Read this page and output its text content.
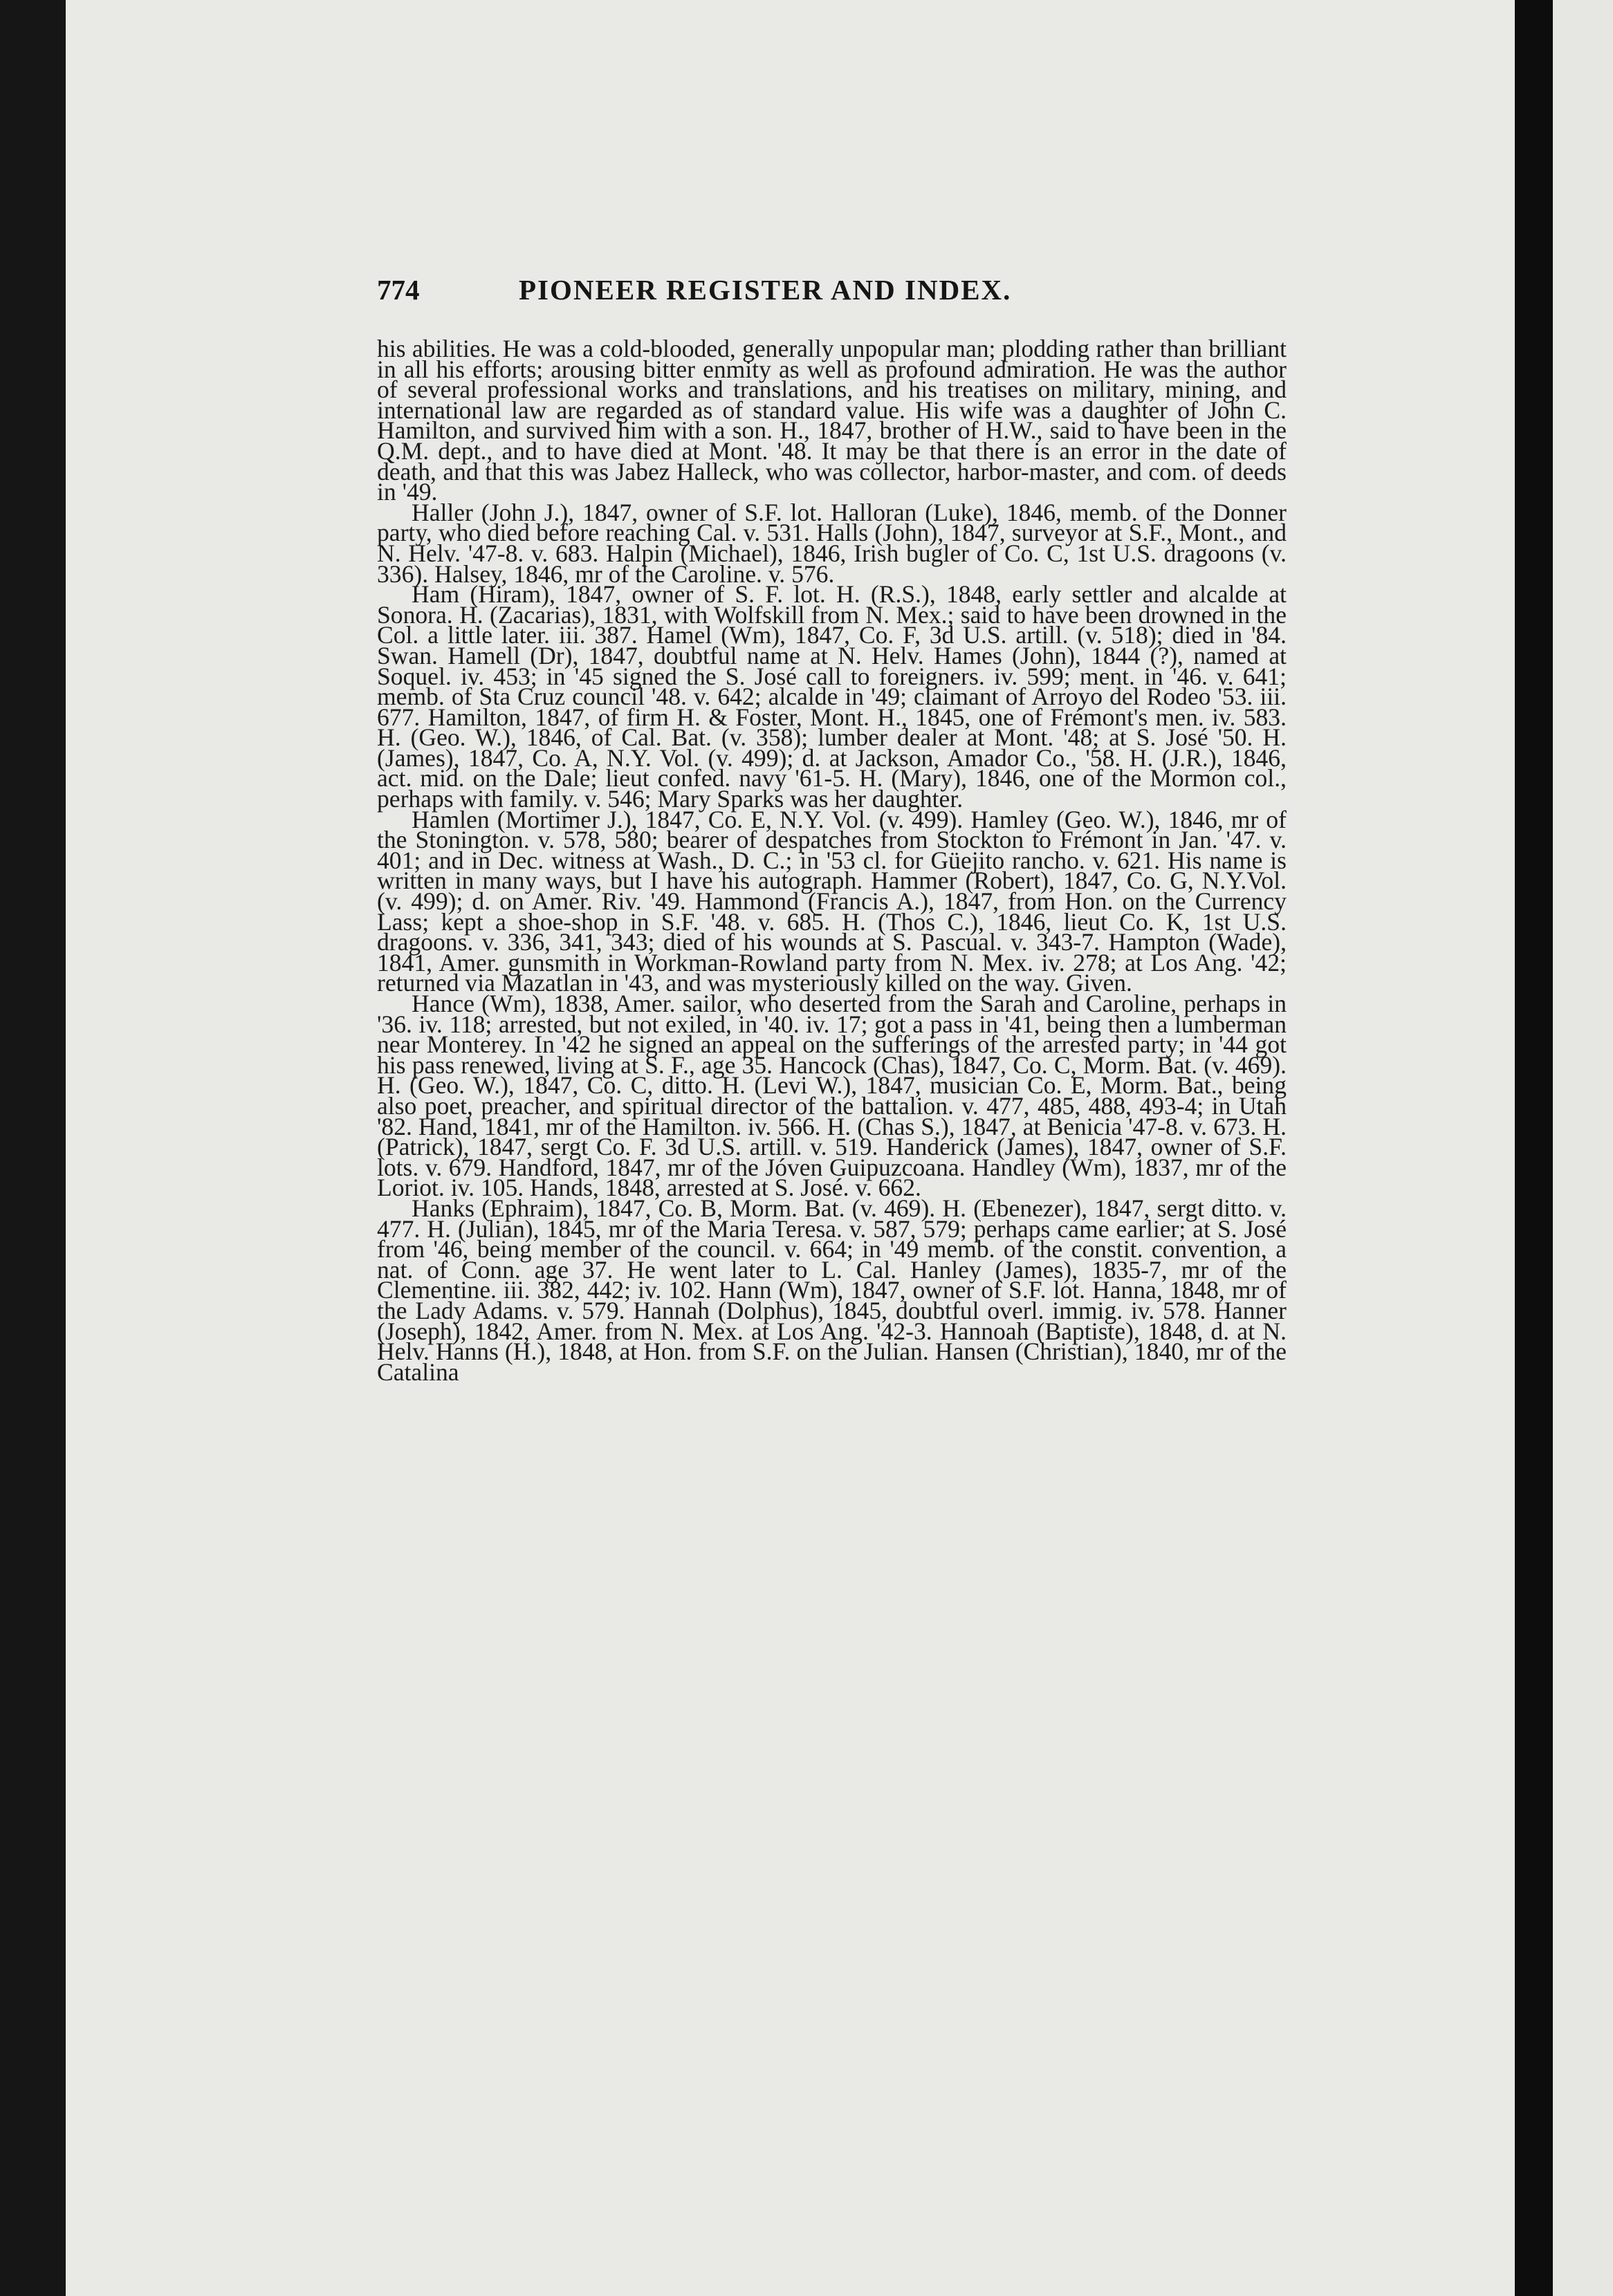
774	PIONEER REGISTER AND INDEX.

his abilities. He was a cold-blooded, generally unpopular man; plodding rather than brilliant in all his efforts; arousing bitter enmity as well as profound admiration. He was the author of several professional works and translations, and his treatises on military, mining, and international law are regarded as of standard value. His wife was a daughter of John C. Hamilton, and survived him with a son. H., 1847, brother of H.W., said to have been in the Q.M. dept., and to have died at Mont. '48. It may be that there is an error in the date of death, and that this was Jabez Halleck, who was collector, harbor-master, and com. of deeds in '49.

Haller (John J.), 1847, owner of S.F. lot. Halloran (Luke), 1846, memb. of the Donner party, who died before reaching Cal. v. 531. Halls (John), 1847, surveyor at S.F., Mont., and N. Helv. '47-8. v. 683. Halpin (Michael), 1846, Irish bugler of Co. C, 1st U.S. dragoons (v. 336). Halsey, 1846, mr of the Caroline. v. 576.

Ham (Hiram), 1847, owner of S. F. lot. H. (R.S.), 1848, early settler and alcalde at Sonora. H. (Zacarias), 1831, with Wolfskill from N. Mex.; said to have been drowned in the Col. a little later. iii. 387. Hamel (Wm), 1847, Co. F, 3d U.S. artill. (v. 518); died in '84. Swan. Hamell (Dr), 1847, doubtful name at N. Helv. Hames (John), 1844 (?), named at Soquel. iv. 453; in '45 signed the S. José call to foreigners. iv. 599; ment. in '46. v. 641; memb. of Sta Cruz council '48. v. 642; alcalde in '49; claimant of Arroyo del Rodeo '53. iii. 677. Hamilton, 1847, of firm H. & Foster, Mont. H., 1845, one of Frémont's men. iv. 583. H. (Geo. W.), 1846, of Cal. Bat. (v. 358); lumber dealer at Mont. '48; at S. José '50. H. (James), 1847, Co. A, N.Y. Vol. (v. 499); d. at Jackson, Amador Co., '58. H. (J.R.), 1846, act. mid. on the Dale; lieut confed. navy '61-5. H. (Mary), 1846, one of the Mormon col., perhaps with family. v. 546; Mary Sparks was her daughter.

Hamlen (Mortimer J.), 1847, Co. E, N.Y. Vol. (v. 499). Hamley (Geo. W.), 1846, mr of the Stonington. v. 578, 580; bearer of despatches from Stockton to Frémont in Jan. '47. v. 401; and in Dec. witness at Wash., D. C.; in '53 cl. for Güejito rancho. v. 621. His name is written in many ways, but I have his autograph. Hammer (Robert), 1847, Co. G, N.Y.Vol. (v. 499); d. on Amer. Riv. '49. Hammond (Francis A.), 1847, from Hon. on the Currency Lass; kept a shoe-shop in S.F. '48. v. 685. H. (Thos C.), 1846, lieut Co. K, 1st U.S. dragoons. v. 336, 341, 343; died of his wounds at S. Pascual. v. 343-7. Hampton (Wade), 1841, Amer. gunsmith in Workman-Rowland party from N. Mex. iv. 278; at Los Ang. '42; returned via Mazatlan in '43, and was mysteriously killed on the way. Given.

Hance (Wm), 1838, Amer. sailor, who deserted from the Sarah and Caroline, perhaps in '36. iv. 118; arrested, but not exiled, in '40. iv. 17; got a pass in '41, being then a lumberman near Monterey. In '42 he signed an appeal on the sufferings of the arrested party; in '44 got his pass renewed, living at S. F., age 35. Hancock (Chas), 1847, Co. C, Morm. Bat. (v. 469). H. (Geo. W.), 1847, Co. C, ditto. H. (Levi W.), 1847, musician Co. E, Morm. Bat., being also poet, preacher, and spiritual director of the battalion. v. 477, 485, 488, 493-4; in Utah '82. Hand, 1841, mr of the Hamilton. iv. 566. H. (Chas S.), 1847, at Benicia '47-8. v. 673. H. (Patrick), 1847, sergt Co. F. 3d U.S. artill. v. 519. Handerick (James), 1847, owner of S.F. lots. v. 679. Handford, 1847, mr of the Jóven Guipuzcoana. Handley (Wm), 1837, mr of the Loriot. iv. 105. Hands, 1848, arrested at S. José. v. 662.

Hanks (Ephraim), 1847, Co. B, Morm. Bat. (v. 469). H. (Ebenezer), 1847, sergt ditto. v. 477. H. (Julian), 1845, mr of the Maria Teresa. v. 587, 579; perhaps came earlier; at S. José from '46, being member of the council. v. 664; in '49 memb. of the constit. convention, a nat. of Conn. age 37. He went later to L. Cal. Hanley (James), 1835-7, mr of the Clementine. iii. 382, 442; iv. 102. Hann (Wm), 1847, owner of S.F. lot. Hanna, 1848, mr of the Lady Adams. v. 579. Hannah (Dolphus), 1845, doubtful overl. immig. iv. 578. Hanner (Joseph), 1842, Amer. from N. Mex. at Los Ang. '42-3. Hannoah (Baptiste), 1848, d. at N. Helv. Hanns (H.), 1848, at Hon. from S.F. on the Julian. Hansen (Christian), 1840, mr of the Catalina
